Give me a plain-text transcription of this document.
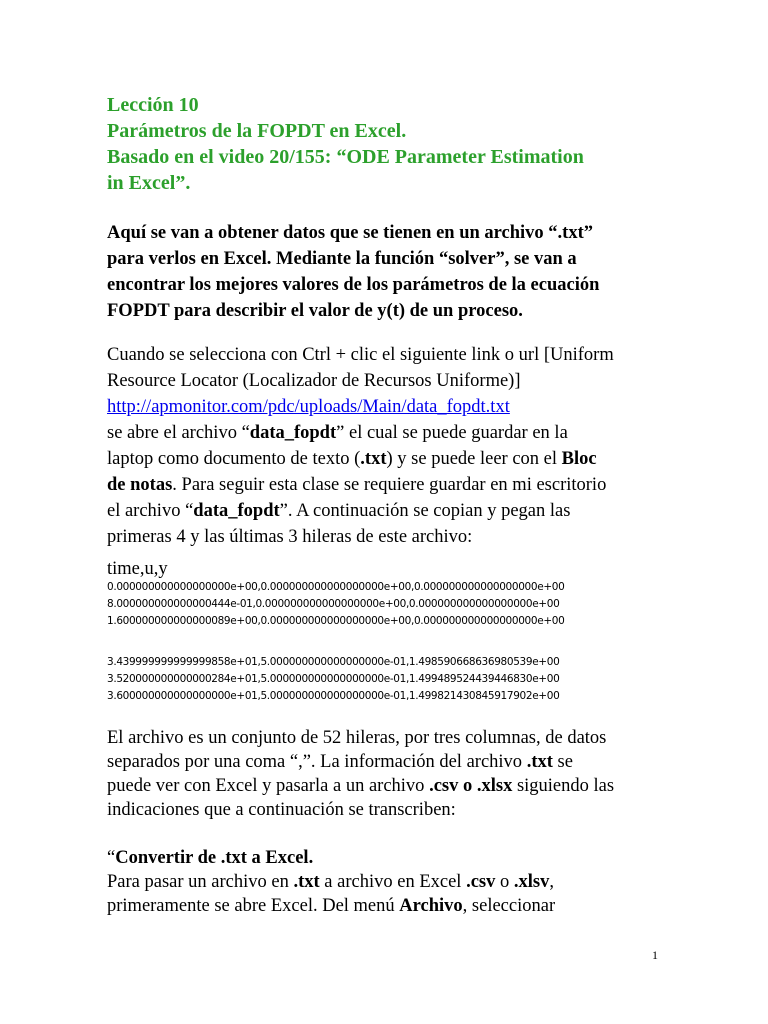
Lección 10
Parámetros de la FOPDT en Excel.
Basado en el video 20/155: “ODE Parameter Estimation
in Excel”.
Aquí se van a obtener datos que se tienen en un archivo “.txt”
para verlos en Excel. Mediante la función “solver”, se van a
encontrar los mejores valores de los parámetros de la ecuación
FOPDT para describir el valor de y(t) de un proceso.
Cuando se selecciona con Ctrl + clic el siguiente link o url [Uniform
Resource Locator (Localizador de Recursos Uniforme)]
http://apmonitor.com/pdc/uploads/Main/data_fopdt.txt
se abre el archivo “data_fopdt” el cual se puede guardar en la
laptop como documento de texto (.txt) y se puede leer con el Bloc
de notas. Para seguir esta clase se requiere guardar en mi escritorio
el archivo “data_fopdt”. A continuación se copian y pegan las
primeras 4 y las últimas 3 hileras de este archivo:
time,u,y
0.000000000000000000e+00,0.000000000000000000e+00,0.000000000000000000e+00
8.000000000000000444e-01,0.000000000000000000e+00,0.000000000000000000e+00
1.600000000000000089e+00,0.000000000000000000e+00,0.000000000000000000e+00
3.439999999999999858e+01,5.000000000000000000e-01,1.498590668636980539e+00
3.520000000000000284e+01,5.000000000000000000e-01,1.499489524439446830e+00
3.600000000000000000e+01,5.000000000000000000e-01,1.499821430845917902e+00
El archivo es un conjunto de 52 hileras, por tres columnas, de datos
separados por una coma “,”. La información del archivo .txt se
puede ver con Excel y pasarla a un archivo .csv o .xlsx siguiendo las
indicaciones que a continuación se transcriben:
“Convertir de .txt a Excel.
Para pasar un archivo en .txt a archivo en Excel .csv o .xlsv,
primeramente se abre Excel. Del menú Archivo, seleccionar
1
